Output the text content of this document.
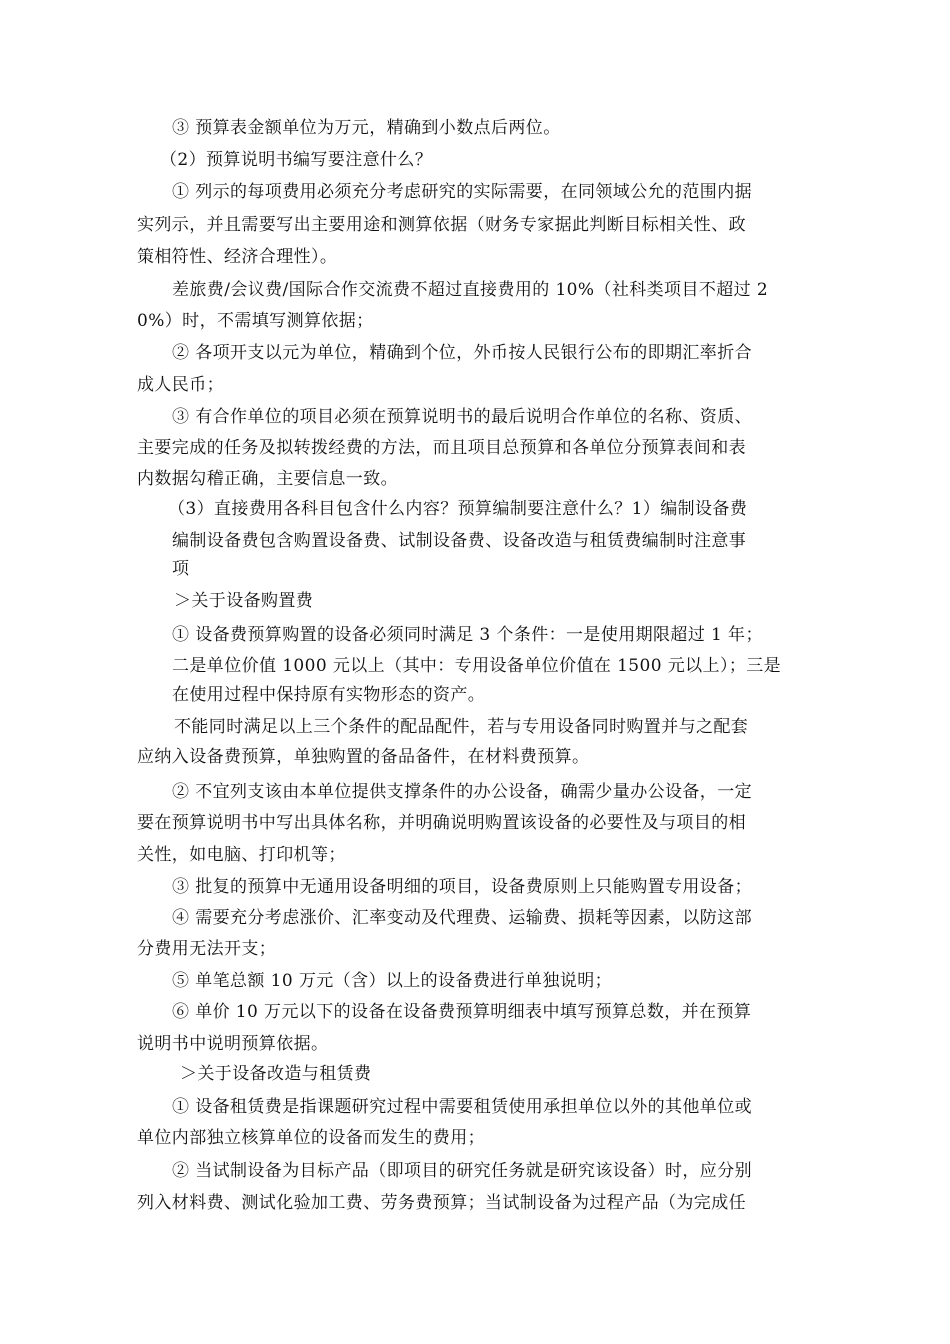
③ 预算表金额单位为万元，精确到小数点后两位。
（2）预算说明书编写要注意什么？
① 列示的每项费用必须充分考虑研究的实际需要，在同领域公允的范围内据
实列示，并且需要写出主要用途和测算依据（财务专家据此判断目标相关性、政
策相符性、经济合理性）。
差旅费/会议费/国际合作交流费不超过直接费用的 10%（社科类项目不超过 2
0%）时，不需填写测算依据；
② 各项开支以元为单位，精确到个位，外币按人民银行公布的即期汇率折合
成人民币；
③ 有合作单位的项目必须在预算说明书的最后说明合作单位的名称、资质、
主要完成的任务及拟转拨经费的方法，而且项目总预算和各单位分预算表间和表
内数据勾稽正确，主要信息一致。
（3）直接费用各科目包含什么内容？预算编制要注意什么？1）编制设备费
编制设备费包含购置设备费、试制设备费、设备改造与租赁费编制时注意事
项
＞关于设备购置费
① 设备费预算购置的设备必须同时满足 3 个条件：一是使用期限超过 1 年；
二是单位价值 1000 元以上（其中：专用设备单位价值在 1500 元以上）；三是
在使用过程中保持原有实物形态的资产。
不能同时满足以上三个条件的配品配件，若与专用设备同时购置并与之配套
应纳入设备费预算，单独购置的备品备件，在材料费预算。
② 不宜列支该由本单位提供支撑条件的办公设备，确需少量办公设备，一定
要在预算说明书中写出具体名称，并明确说明购置该设备的必要性及与项目的相
关性，如电脑、打印机等；
③ 批复的预算中无通用设备明细的项目，设备费原则上只能购置专用设备；
④ 需要充分考虑涨价、汇率变动及代理费、运输费、损耗等因素，以防这部
分费用无法开支；
⑤ 单笔总额 10 万元（含）以上的设备费进行单独说明；
⑥ 单价 10 万元以下的设备在设备费预算明细表中填写预算总数，并在预算
说明书中说明预算依据。
＞关于设备改造与租赁费
① 设备租赁费是指课题研究过程中需要租赁使用承担单位以外的其他单位或
单位内部独立核算单位的设备而发生的费用；
② 当试制设备为目标产品（即项目的研究任务就是研究该设备）时，应分别
列入材料费、测试化验加工费、劳务费预算；当试制设备为过程产品（为完成任
